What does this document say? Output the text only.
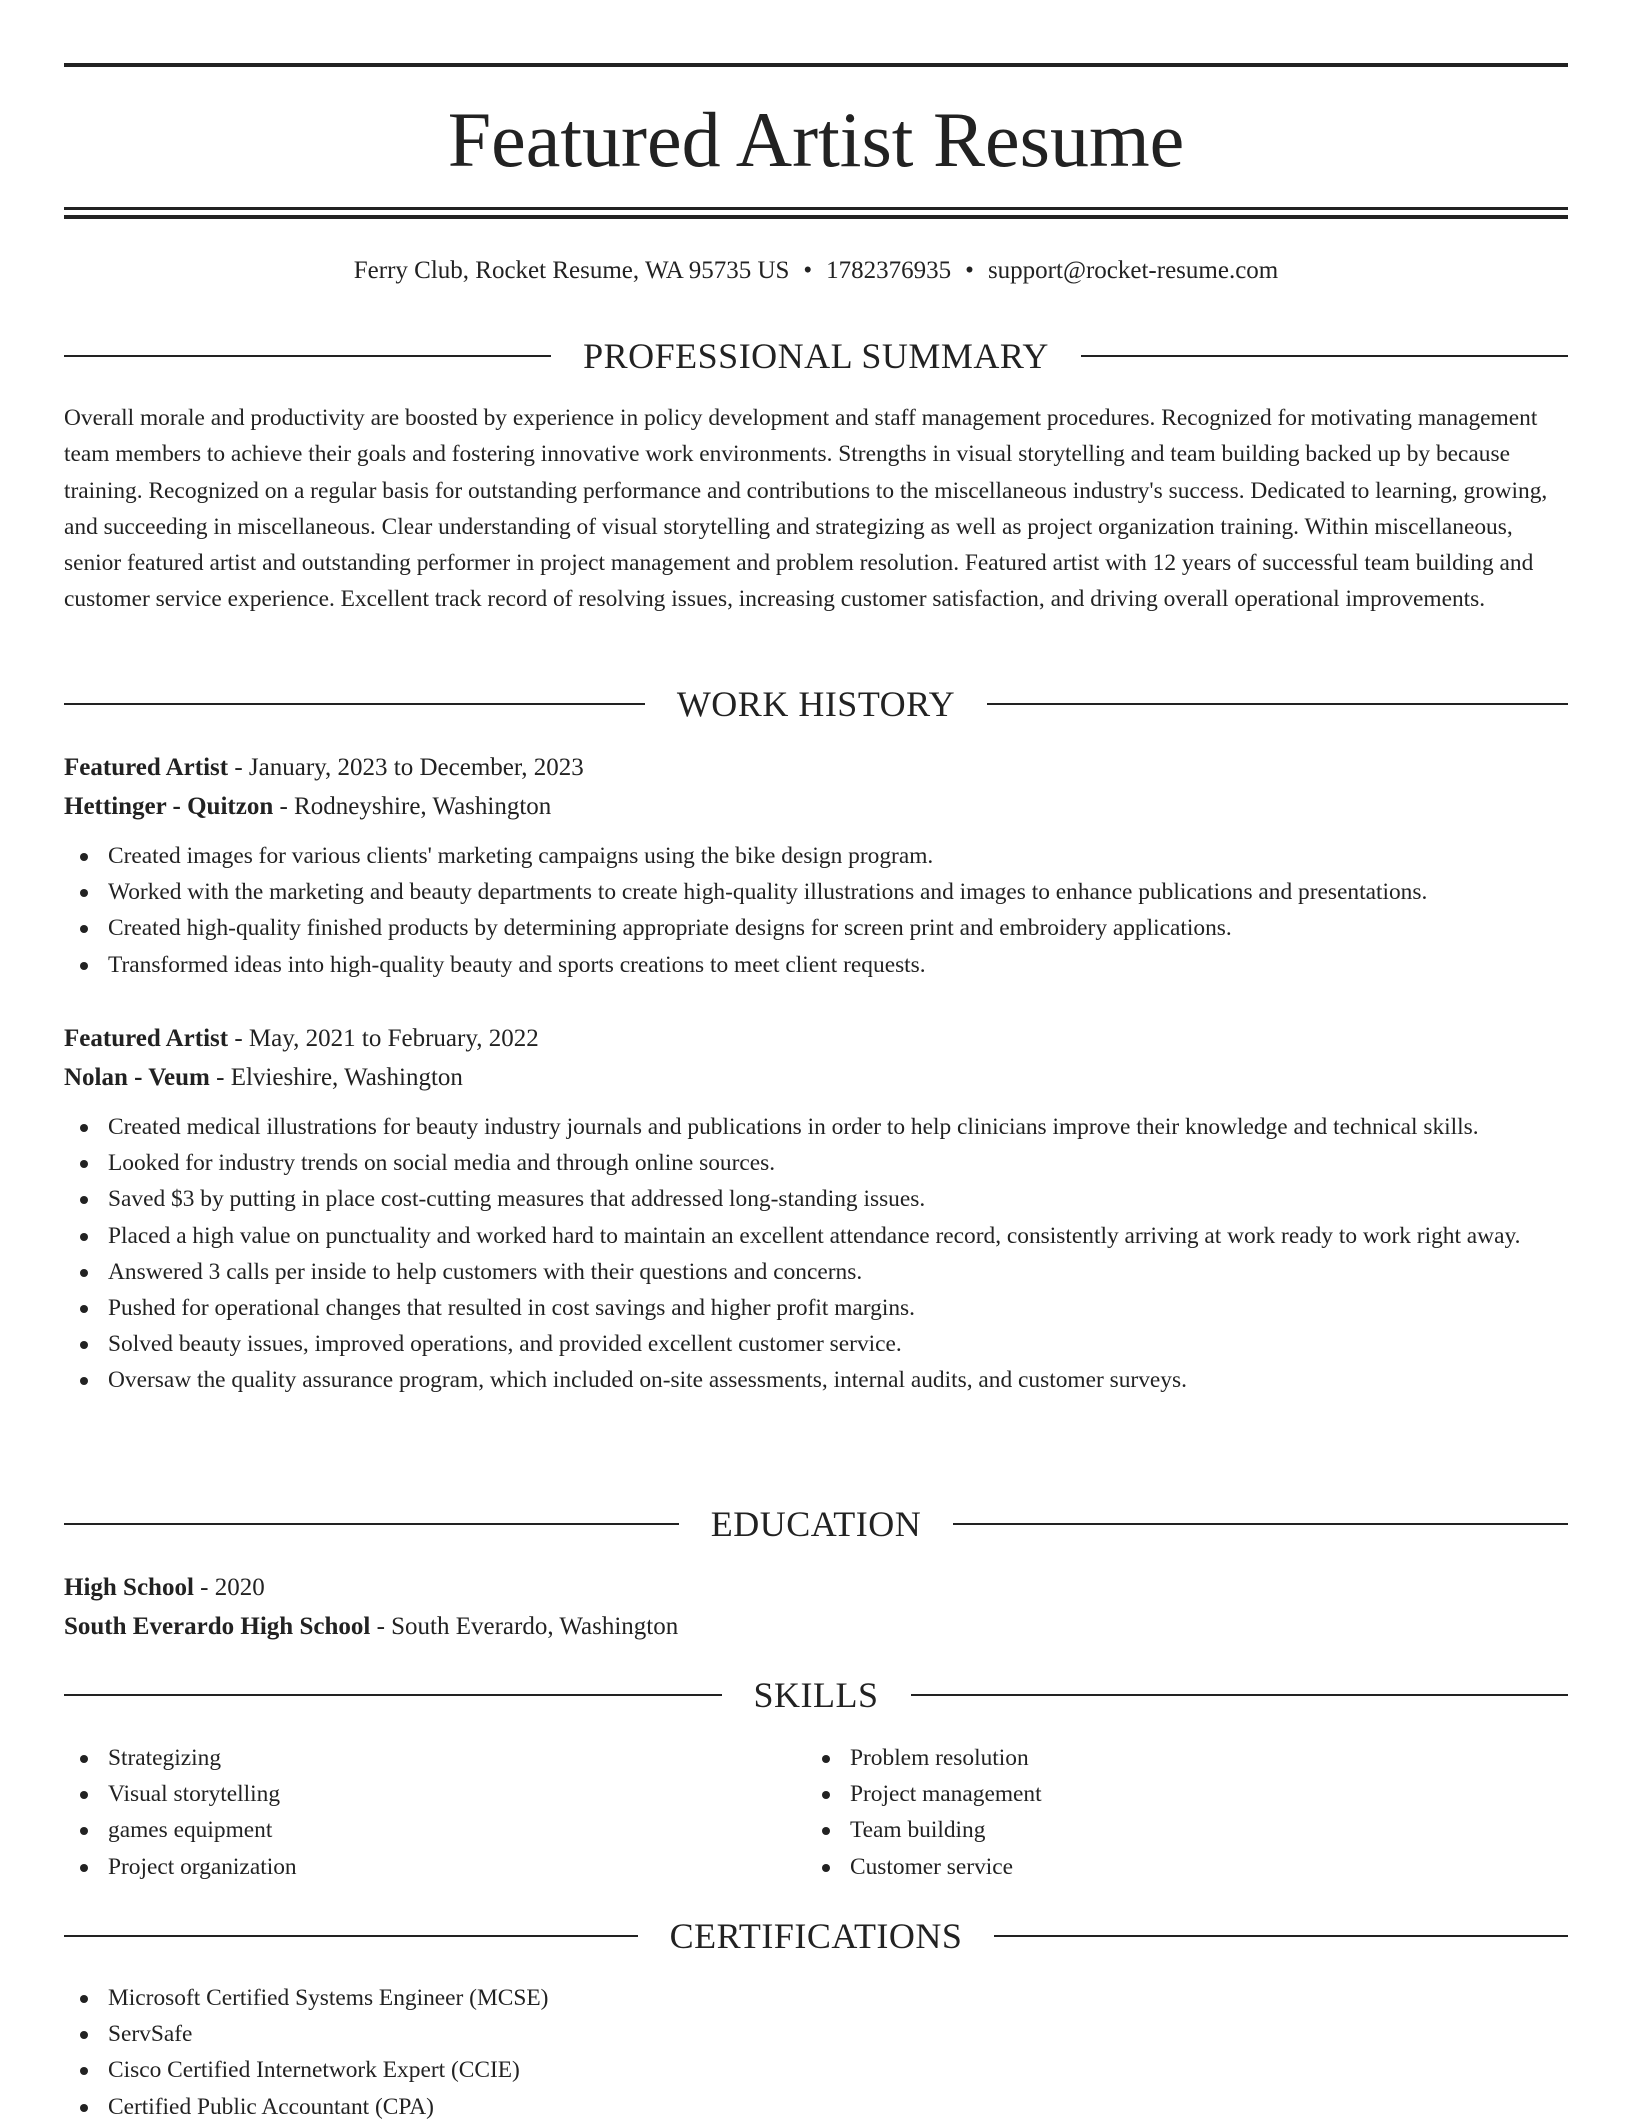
Featured Artist Resume
Ferry Club, Rocket Resume, WA 95735 US • 1782376935 • support@rocket-resume.com
PROFESSIONAL SUMMARY
Overall morale and productivity are boosted by experience in policy development and staff management procedures. Recognized for motivating management team members to achieve their goals and fostering innovative work environments. Strengths in visual storytelling and team building backed up by because training. Recognized on a regular basis for outstanding performance and contributions to the miscellaneous industry's success. Dedicated to learning, growing, and succeeding in miscellaneous. Clear understanding of visual storytelling and strategizing as well as project organization training. Within miscellaneous, senior featured artist and outstanding performer in project management and problem resolution. Featured artist with 12 years of successful team building and customer service experience. Excellent track record of resolving issues, increasing customer satisfaction, and driving overall operational improvements.
WORK HISTORY
Featured Artist - January, 2023 to December, 2023
Hettinger - Quitzon - Rodneyshire, Washington
Created images for various clients' marketing campaigns using the bike design program.
Worked with the marketing and beauty departments to create high-quality illustrations and images to enhance publications and presentations.
Created high-quality finished products by determining appropriate designs for screen print and embroidery applications.
Transformed ideas into high-quality beauty and sports creations to meet client requests.
Featured Artist - May, 2021 to February, 2022
Nolan - Veum - Elvieshire, Washington
Created medical illustrations for beauty industry journals and publications in order to help clinicians improve their knowledge and technical skills.
Looked for industry trends on social media and through online sources.
Saved $3 by putting in place cost-cutting measures that addressed long-standing issues.
Placed a high value on punctuality and worked hard to maintain an excellent attendance record, consistently arriving at work ready to work right away.
Answered 3 calls per inside to help customers with their questions and concerns.
Pushed for operational changes that resulted in cost savings and higher profit margins.
Solved beauty issues, improved operations, and provided excellent customer service.
Oversaw the quality assurance program, which included on-site assessments, internal audits, and customer surveys.
EDUCATION
High School - 2020
South Everardo High School - South Everardo, Washington
SKILLS
Strategizing
Visual storytelling
games equipment
Project organization
Problem resolution
Project management
Team building
Customer service
CERTIFICATIONS
Microsoft Certified Systems Engineer (MCSE)
ServSafe
Cisco Certified Internetwork Expert (CCIE)
Certified Public Accountant (CPA)
